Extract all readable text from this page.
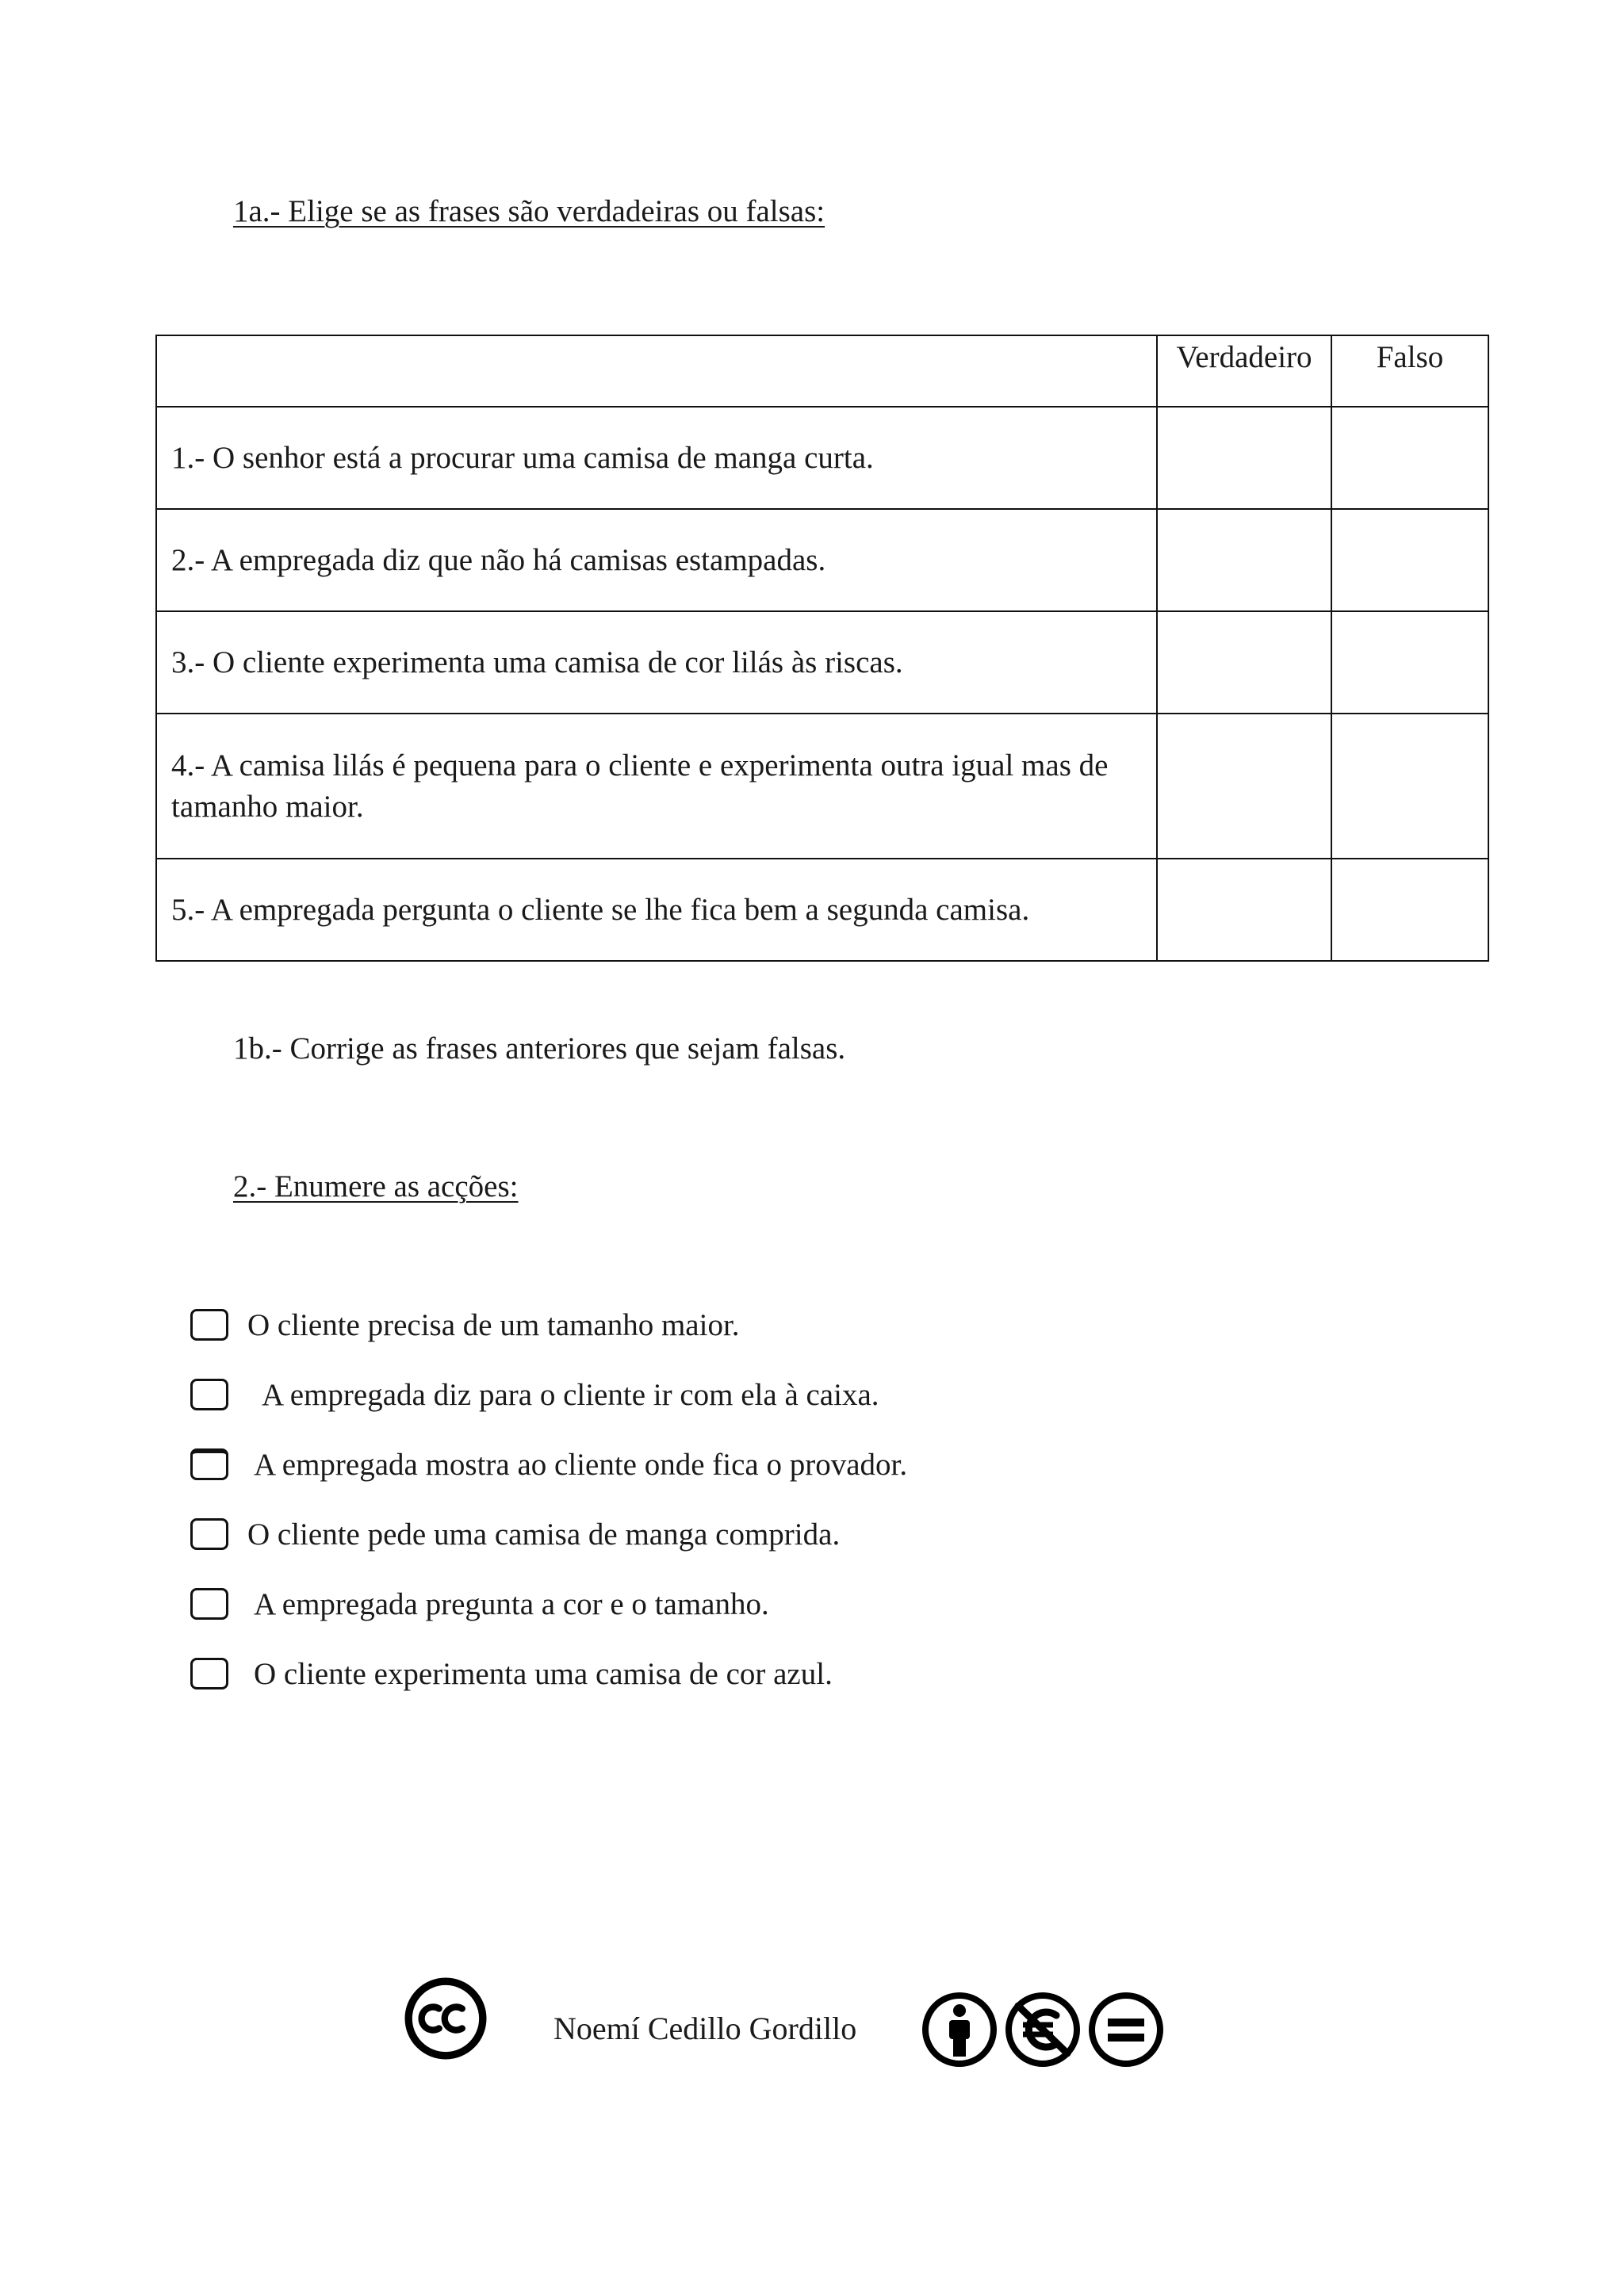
1a.- Elige se as frases são verdadeiras ou falsas:
	Verdadeiro	Falso
1.- O senhor está a procurar uma camisa de manga curta.		
2.- A empregada diz que não há camisas estampadas.		
3.- O cliente experimenta uma camisa de cor lilás às riscas.		
4.- A camisa lilás é pequena para o cliente e experimenta outra igual mas de tamanho maior.		
5.- A empregada pergunta o cliente se lhe fica bem a segunda camisa.		
1b.- Corrige as frases anteriores que sejam falsas.
2.- Enumere as acções:
O cliente precisa de um tamanho maior.
A empregada diz para o cliente ir com ela à caixa.
A empregada mostra ao cliente onde fica o provador.
O cliente pede uma camisa de manga comprida.
A empregada pregunta a cor e o tamanho.
O cliente experimenta uma camisa de cor azul.
Noemí Cedillo Gordillo
